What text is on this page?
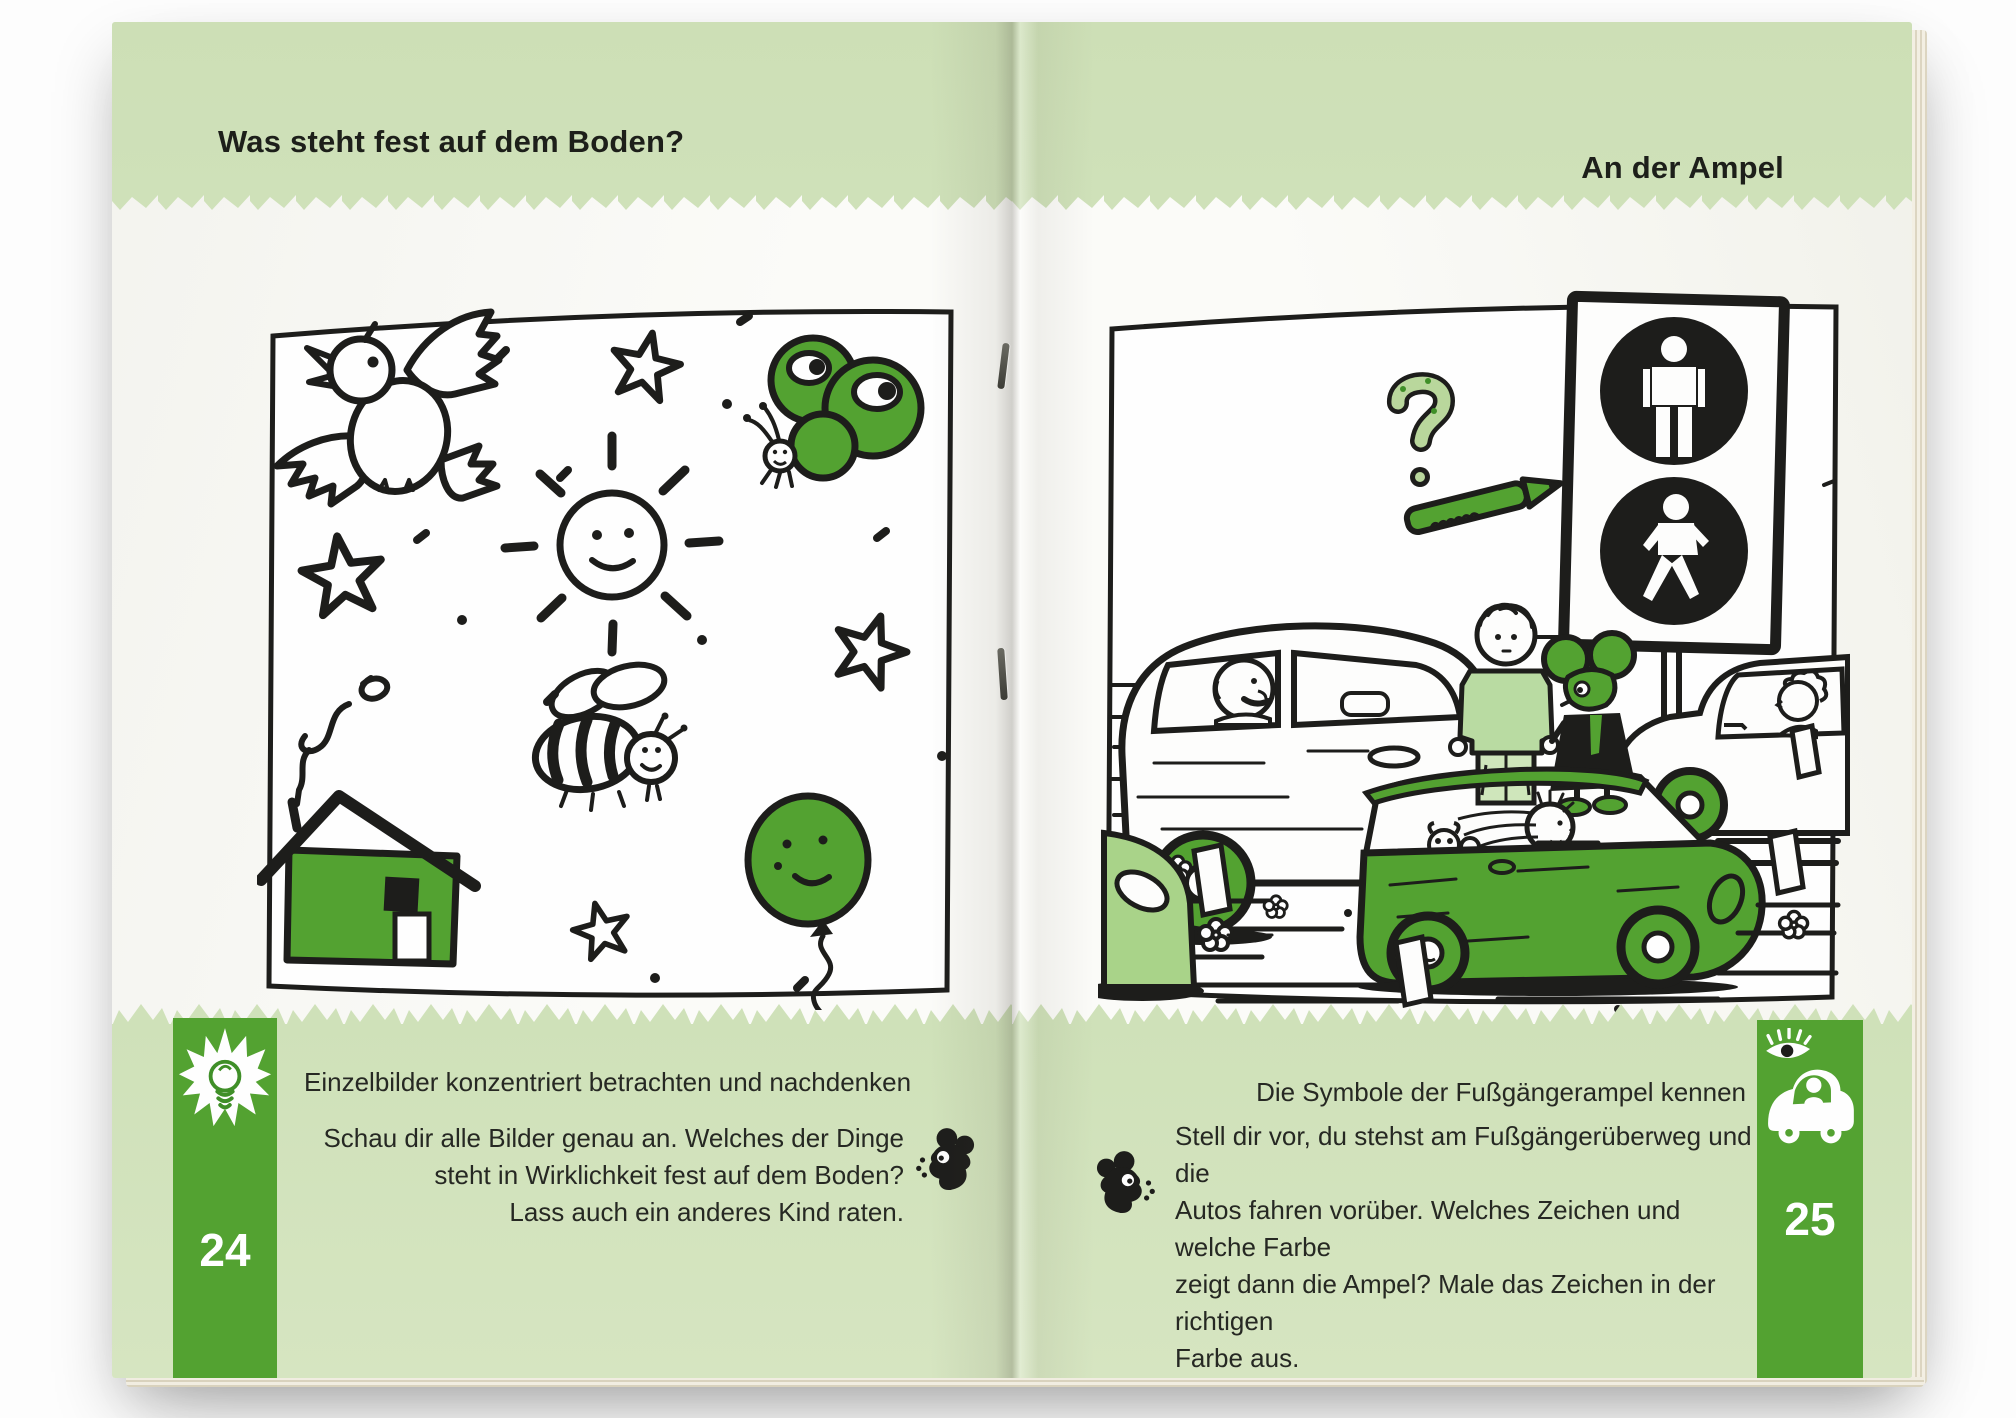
Was steht fest auf dem Boden?
24
Einzelbilder konzentriert betrachten und nachdenken
Schau dir alle Bilder genau an. Welches der Dinge
steht in Wirklichkeit fest auf dem Boden?
Lass auch ein anderes Kind raten.
An der Ampel
25
Die Symbole der Fußgängerampel kennen
Stell dir vor, du stehst am Fußgängerüberweg und die
Autos fahren vorüber. Welches Zeichen und welche Farbe
zeigt dann die Ampel? Male das Zeichen in der richtigen
Farbe aus.
